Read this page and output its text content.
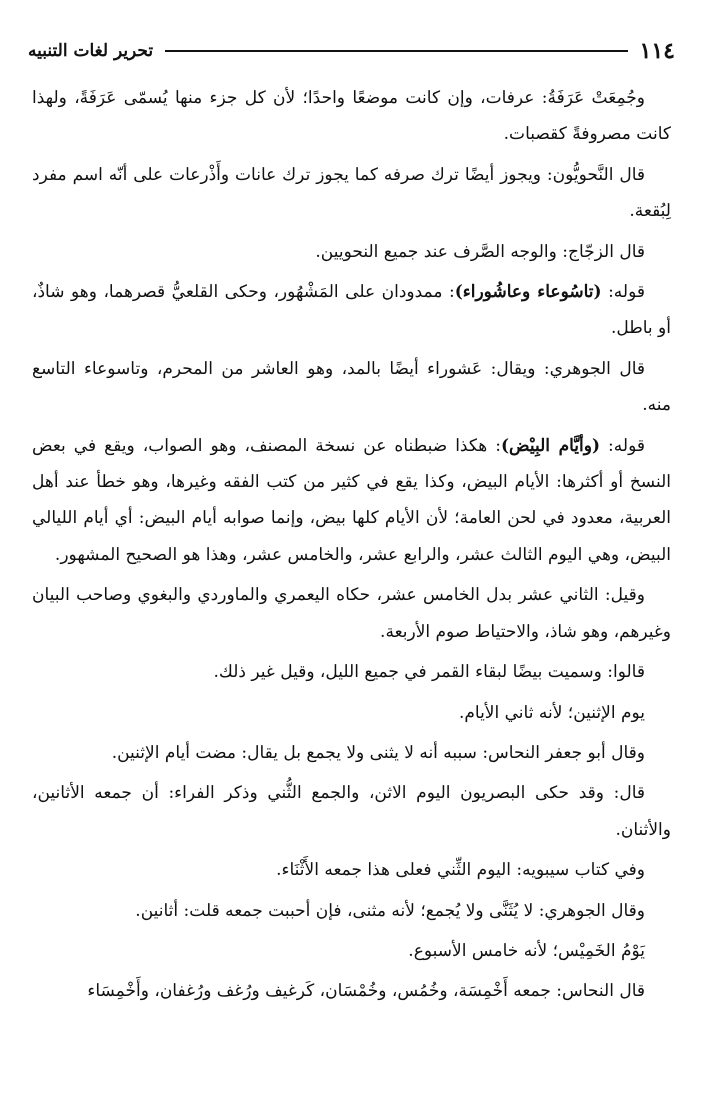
١١٤
تحرير لغات التنبيه

وجُمِعَتْ عَرَفَةُ: عرفات، وإن كانت موضعًا واحدًا؛ لأن كل جزء منها يُسمّى عَرَفَةً، ولهذا كانت مصروفةً كقصبات.

قال النَّحويُّون: ويجوز أيضًا ترك صرفه كما يجوز ترك عانات وأَذْرعات على أنّه اسم مفرد لِبُقعة.

قال الزجّاج: والوجه الصَّرف عند جميع النحويين.

قوله: (تاسُوعاء وعاشُوراء): ممدودان على المَشْهُور، وحكى القلعيُّ قصرهما، وهو شاذٌ، أو باطل.

قال الجوهري: ويقال: عَشوراء أيضًا بالمد، وهو العاشر من المحرم، وتاسوعاء التاسع منه.

قوله: (وأيَّام البِيْض): هكذا ضبطناه عن نسخة المصنف، وهو الصواب، ويقع في بعض النسخ أو أكثرها: الأيام البيض، وكذا يقع في كثير من كتب الفقه وغيرها، وهو خطأ عند أهل العربية، معدود في لحن العامة؛ لأن الأيام كلها بيض، وإنما صوابه أيام البيض: أي أيام الليالي البيض، وهي اليوم الثالث عشر، والرابع عشر، والخامس عشر، وهذا هو الصحيح المشهور.

وقيل: الثاني عشر بدل الخامس عشر، حكاه اليعمري والماوردي والبغوي وصاحب البيان وغيرهم، وهو شاذ، والاحتياط صوم الأربعة.

قالوا: وسميت بيضًا لبقاء القمر في جميع الليل، وقيل غير ذلك.

يوم الإثنين؛ لأنه ثاني الأيام.

وقال أبو جعفر النحاس: سببه أنه لا يثنى ولا يجمع بل يقال: مضت أيام الإثنين.

قال: وقد حكى البصريون اليوم الاثن، والجمع الثُّني وذكر الفراء: أن جمعه الأثانين، والأثنان.

وفي كتاب سيبويه: اليوم الثِّني فعلى هذا جمعه الأَثْنَاء.

وقال الجوهري: لا يُثَنَّى ولا يُجمع؛ لأنه مثنى، فإن أحببت جمعه قلت: أثانين.

يَوْمُ الخَمِيْس؛ لأنه خامس الأسبوع.

قال النحاس: جمعه أَخْمِسَة، وخُمُس، وخُمْسَان، كَرغيف ورُغف ورُغفان، وأَخْمِسَاء
